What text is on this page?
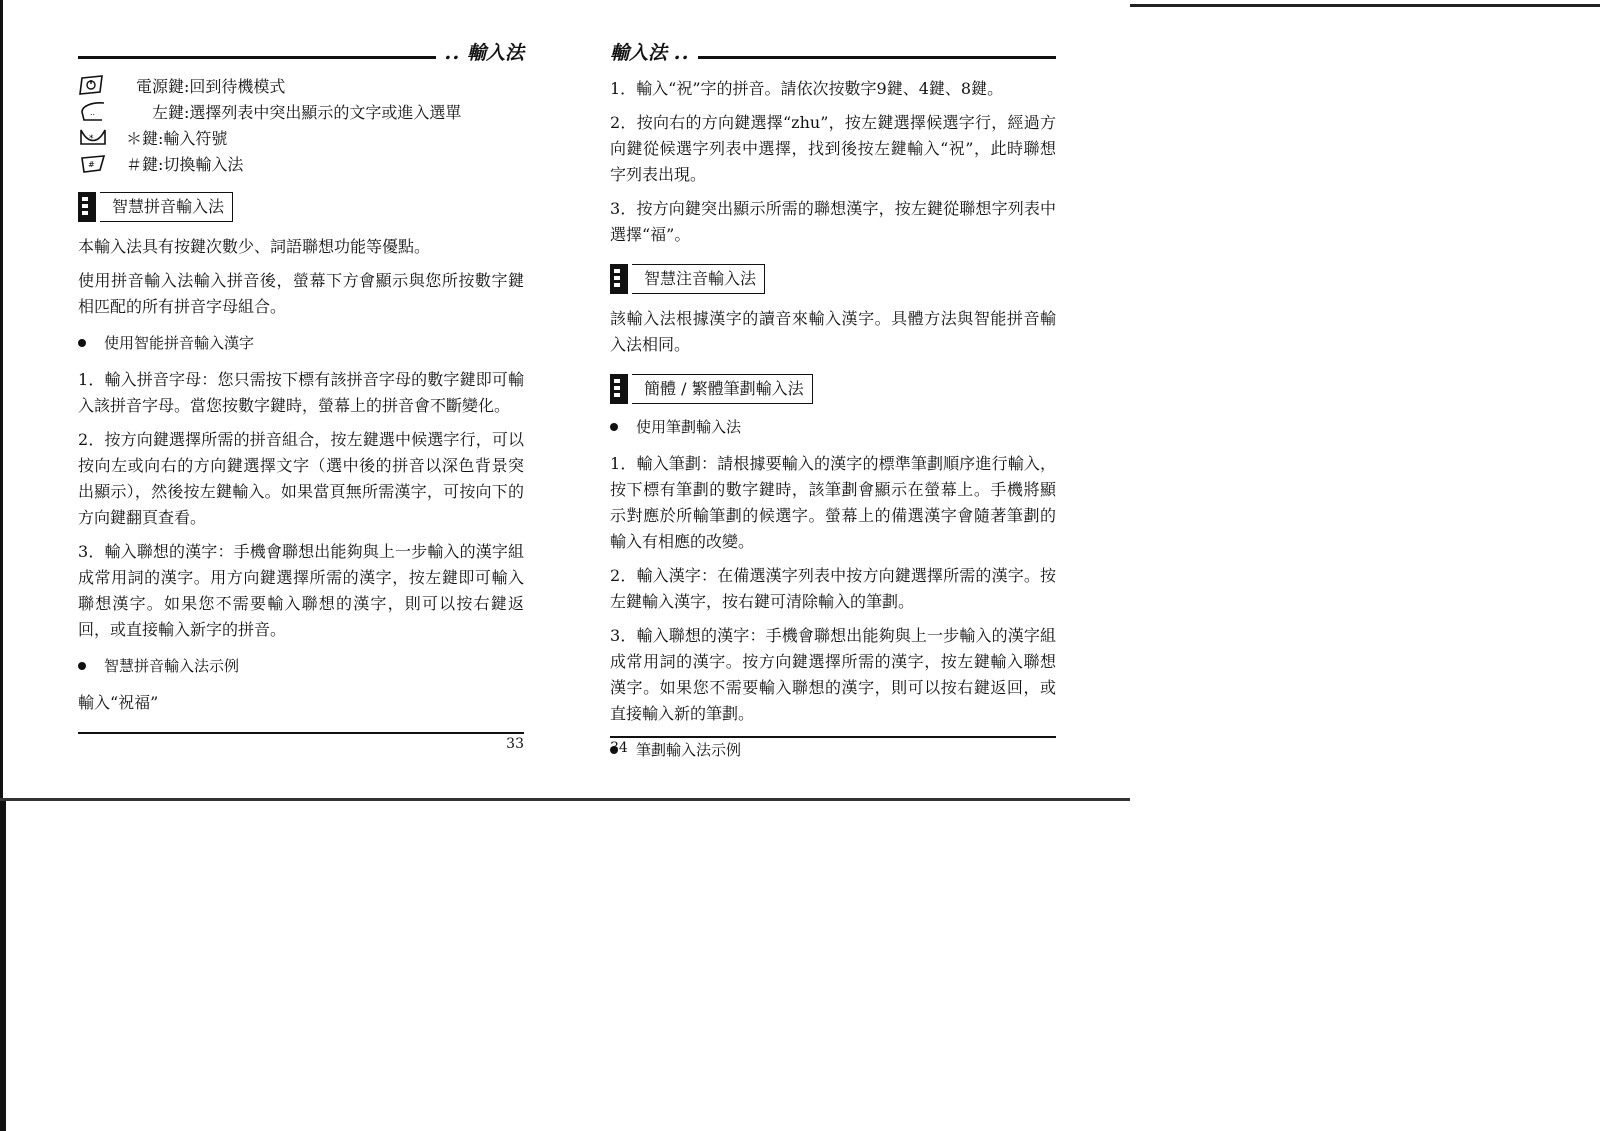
.. 輸入法
電源鍵:回到待機模式
..	左鍵:選擇列表中突出顯示的文字或進入選單
*. ＊鍵:輸入符號
# ＃鍵:切換輸入法
智慧拼音輸入法

本輸入法具有按鍵次數少、詞語聯想功能等優點。

使用拼音輸入法輸入拼音後，螢幕下方會顯示與您所按數字鍵相匹配的所有拼音字母組合。

使用智能拼音輸入漢字

1．輸入拼音字母：您只需按下標有該拼音字母的數字鍵即可輸入該拼音字母。當您按數字鍵時，螢幕上的拼音會不斷變化。

2．按方向鍵選擇所需的拼音組合，按左鍵選中候選字行，可以按向左或向右的方向鍵選擇文字（選中後的拼音以深色背景突出顯示），然後按左鍵輸入。如果當頁無所需漢字，可按向下的方向鍵翻頁查看。

3．輸入聯想的漢字：手機會聯想出能夠與上一步輸入的漢字組成常用詞的漢字。用方向鍵選擇所需的漢字，按左鍵即可輸入聯想漢字。如果您不需要輸入聯想的漢字，則可以按右鍵返回，或直接輸入新字的拼音。

智慧拼音輸入法示例

輸入“祝福”

33
輸入法 ..

1．輸入“祝”字的拼音。請依次按數字9鍵、4鍵、8鍵。

2．按向右的方向鍵選擇“zhu”，按左鍵選擇候選字行，經過方向鍵從候選字列表中選擇，找到後按左鍵輸入“祝”，此時聯想字列表出現。

3．按方向鍵突出顯示所需的聯想漢字，按左鍵從聯想字列表中選擇“福”。

智慧注音輸入法

該輸入法根據漢字的讀音來輸入漢字。具體方法與智能拼音輸入法相同。

簡體 / 繁體筆劃輸入法
使用筆劃輸入法

1．輸入筆劃：請根據要輸入的漢字的標準筆劃順序進行輸入，按下標有筆劃的數字鍵時，該筆劃會顯示在螢幕上。手機將顯示對應於所輸筆劃的候選字。螢幕上的備選漢字會隨著筆劃的輸入有相應的改變。

2．輸入漢字：在備選漢字列表中按方向鍵選擇所需的漢字。按左鍵輸入漢字，按右鍵可清除輸入的筆劃。

3．輸入聯想的漢字：手機會聯想出能夠與上一步輸入的漢字組成常用詞的漢字。按方向鍵選擇所需的漢字，按左鍵輸入聯想漢字。如果您不需要輸入聯想的漢字，則可以按右鍵返回，或直接輸入新的筆劃。

筆劃輸入法示例
34
